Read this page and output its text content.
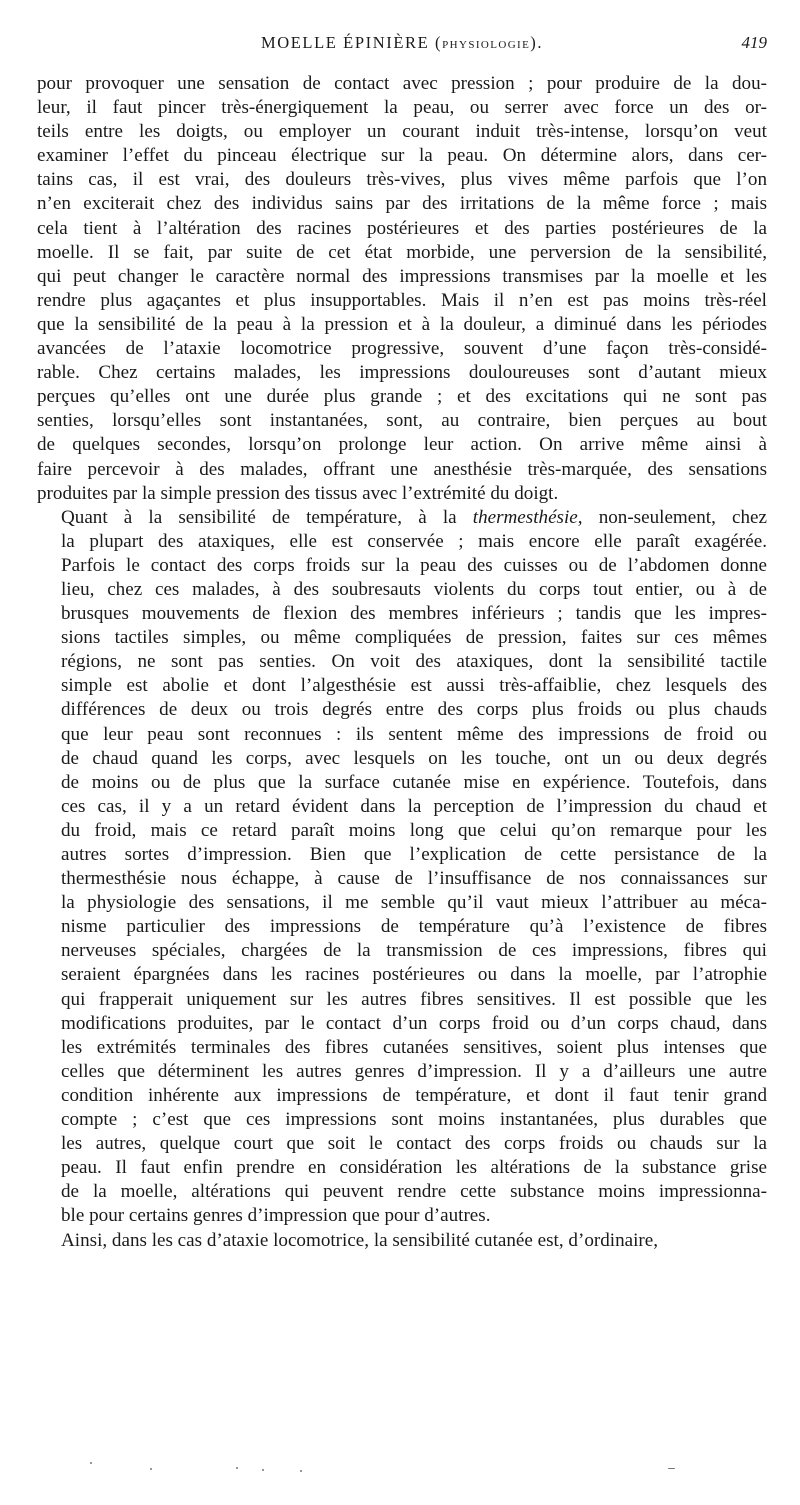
MOELLE ÉPINIÈRE (PHYSIOLOGIE).	419

pour provoquer une sensation de contact avec pression ; pour produire de la dou-
leur, il faut pincer très-énergiquement la peau, ou serrer avec force un des or-
teils entre les doigts, ou employer un courant induit très-intense, lorsqu’on veut
examiner l’effet du pinceau électrique sur la peau. On détermine alors, dans cer-
tains cas, il est vrai, des douleurs très-vives, plus vives même parfois que l’on
n’en exciterait chez des individus sains par des irritations de la même force ; mais
cela tient à l’altération des racines postérieures et des parties postérieures de la
moelle. Il se fait, par suite de cet état morbide, une perversion de la sensibilité,
qui peut changer le caractère normal des impressions transmises par la moelle et les
rendre plus agaçantes et plus insupportables. Mais il n’en est pas moins très-réel
que la sensibilité de la peau à la pression et à la douleur, a diminué dans les périodes
avancées de l’ataxie locomotrice progressive, souvent d’une façon très-considé-
rable. Chez certains malades, les impressions douloureuses sont d’autant mieux
perçues qu’elles ont une durée plus grande ; et des excitations qui ne sont pas
senties, lorsqu’elles sont instantanées, sont, au contraire, bien perçues au bout
de quelques secondes, lorsqu’on prolonge leur action. On arrive même ainsi à
faire percevoir à des malades, offrant une anesthésie très-marquée, des sensations
produites par la simple pression des tissus avec l’extrémité du doigt.

Quant à la sensibilité de température, à la thermesthésie, non-seulement, chez
la plupart des ataxiques, elle est conservée ; mais encore elle paraît exagérée.
Parfois le contact des corps froids sur la peau des cuisses ou de l’abdomen donne
lieu, chez ces malades, à des soubresauts violents du corps tout entier, ou à de
brusques mouvements de flexion des membres inférieurs ; tandis que les impres-
sions tactiles simples, ou même compliquées de pression, faites sur ces mêmes
régions, ne sont pas senties. On voit des ataxiques, dont la sensibilité tactile
simple est abolie et dont l’algesthésie est aussi très-affaiblie, chez lesquels des
différences de deux ou trois degrés entre des corps plus froids ou plus chauds
que leur peau sont reconnues : ils sentent même des impressions de froid ou
de chaud quand les corps, avec lesquels on les touche, ont un ou deux degrés
de moins ou de plus que la surface cutanée mise en expérience. Toutefois, dans
ces cas, il y a un retard évident dans la perception de l’impression du chaud et
du froid, mais ce retard paraît moins long que celui qu’on remarque pour les
autres sortes d’impression. Bien que l’explication de cette persistance de la
thermesthésie nous échappe, à cause de l’insuffisance de nos connaissances sur
la physiologie des sensations, il me semble qu’il vaut mieux l’attribuer au méca-
nisme particulier des impressions de température qu’à l’existence de fibres
nerveuses spéciales, chargées de la transmission de ces impressions, fibres qui
seraient épargnées dans les racines postérieures ou dans la moelle, par l’atrophie
qui frapperait uniquement sur les autres fibres sensitives. Il est possible que les
modifications produites, par le contact d’un corps froid ou d’un corps chaud, dans
les extrémités terminales des fibres cutanées sensitives, soient plus intenses que
celles que déterminent les autres genres d’impression. Il y a d’ailleurs une autre
condition inhérente aux impressions de température, et dont il faut tenir grand
compte ; c’est que ces impressions sont moins instantanées, plus durables que
les autres, quelque court que soit le contact des corps froids ou chauds sur la
peau. Il faut enfin prendre en considération les altérations de la substance grise
de la moelle, altérations qui peuvent rendre cette substance moins impressionna-
ble pour certains genres d’impression que pour d’autres.

Ainsi, dans les cas d’ataxie locomotrice, la sensibilité cutanée est, d’ordinaire,
